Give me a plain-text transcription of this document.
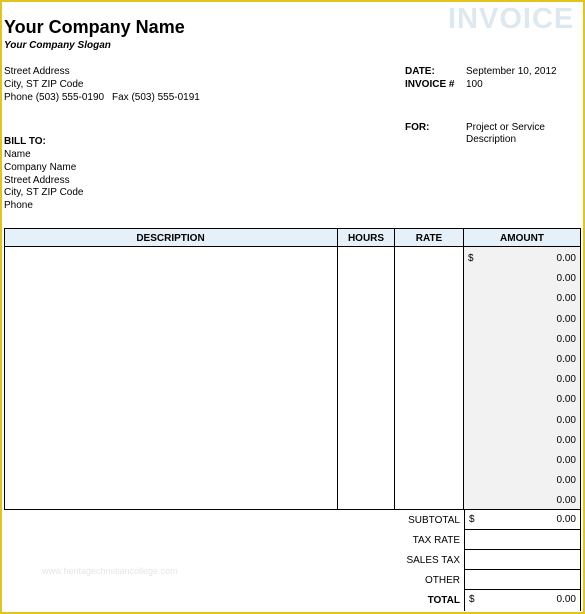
Your Company Name
Your Company Slogan
INVOICE
Street Address
City, ST ZIP Code
Phone (503) 555-0190 Fax (503) 555-0191
DATE:	September 10, 2012
INVOICE # 100
FOR:	Project or Service
Description
BILL TO:
Name
Company Name
Street Address
City, ST ZIP Code
Phone
DESCRIPTION	HOURS	RATE	AMOUNT
$	0.00
0.00
0.00
0.00
0.00
0.00
0.00
0.00
0.00
0.00
0.00
0.00
0.00
SUBTOTAL $	0.00
TAX RATE
SALES TAX
OTHER
TOTAL $	0.00
www.heritagechristiancollege.com
